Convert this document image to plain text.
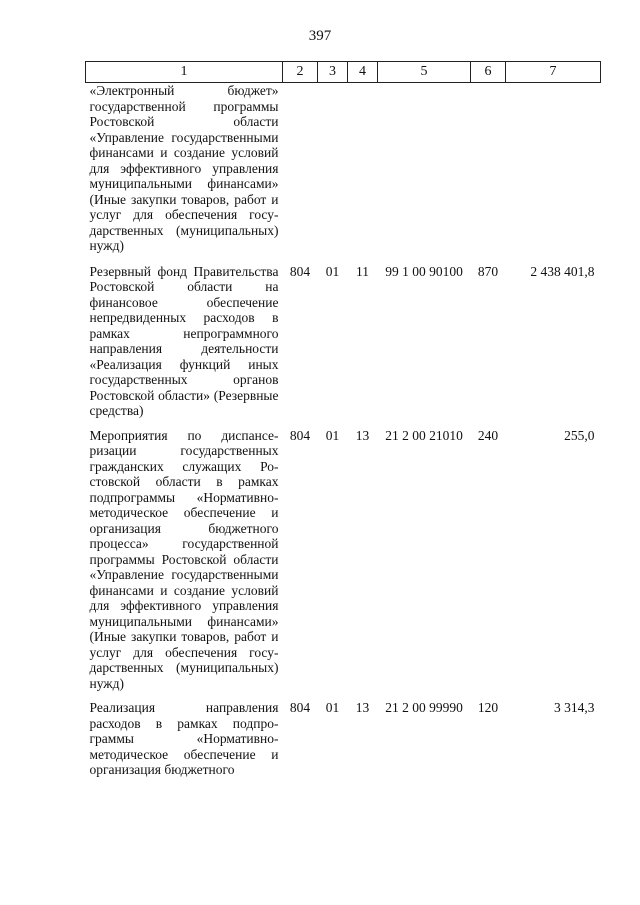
397
1	2	3	4	5	6	7
«Электронный бюджет» государственной программы Ростовской области «Управление государственными финансами и создание условий для эффективного управления муниципальными финансами» (Иные закупки товаров, работ и услуг для обеспечения государственных (муниципальных) нужд)						
Резервный фонд Правительства Ростовской области на финансовое обеспечение непредвиденных расходов в рамках непрограммного направления деятельности «Реализация функций иных государственных органов Ростовской области» (Резервные средства)	804	01	11	99 1 00 90100	870	2 438 401,8
Мероприятия по диспансеризации государственных гражданских служащих Ростовской области в рамках подпрограммы «Нормативно-методическое обеспечение и организация бюджетного процесса» государственной программы Ростовской области «Управление государственными финансами и создание условий для эффективного управления муниципальными финансами» (Иные закупки товаров, работ и услуг для обеспечения государственных (муниципальных) нужд)	804	01	13	21 2 00 21010	240	255,0
Реализация направления расходов в рамках подпрограммы «Нормативно-методическое обеспечение и организация бюджетного	804	01	13	21 2 00 99990	120	3 314,3
